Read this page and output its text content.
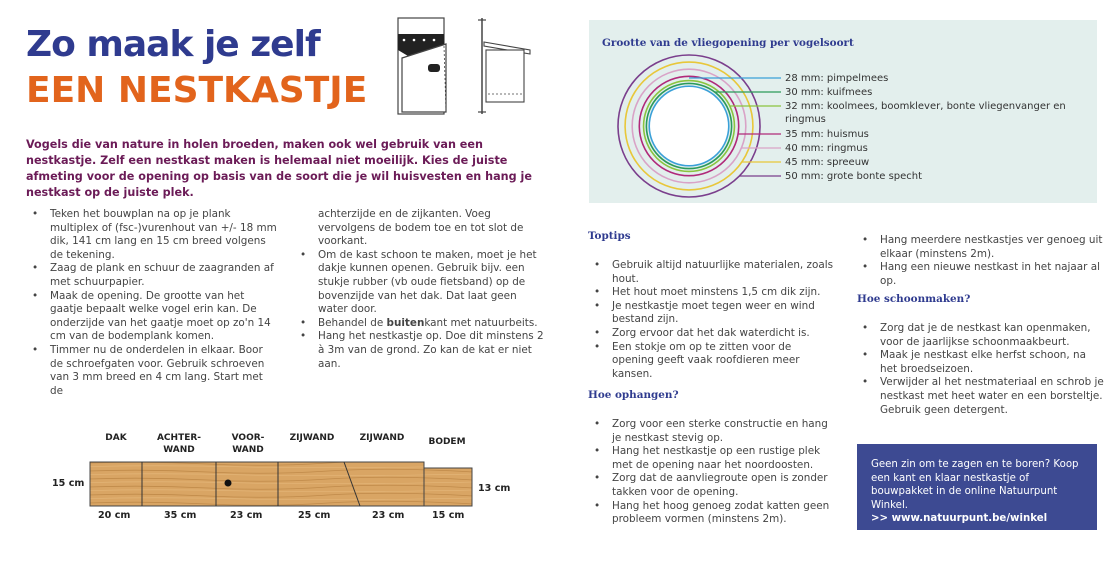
Zo maak je zelf
EEN NESTKASTJE
Vogels die van nature in holen broeden, maken ook wel gebruik van een nestkastje. Zelf een nestkast maken is helemaal niet moeilijk. Kies de juiste afmeting voor de opening op basis van de soort die je wil huisvesten en hang je nestkast op de juiste plek.
• Teken het bouwplan na op je plank multiplex of (fsc-)vurenhout van +/- 18 mm dik, 141 cm lang en 15 cm breed volgens de tekening.
• Zaag de plank en schuur de zaagranden af met schuurpapier.
• Maak de opening. De grootte van het gaatje bepaalt welke vogel erin kan. De onderzijde van het gaatje moet op zo'n 14 cm van de bodemplank komen.
• Timmer nu de onderdelen in elkaar. Boor de schroefgaten voor. Gebruik schroeven van 3 mm breed en 4 cm lang. Start met de
achterzijde en de zijkanten. Voeg vervolgens de bodem toe en tot slot de voorkant.
• Om de kast schoon te maken, moet je het dakje kunnen openen. Gebruik bijv. een stukje rubber (vb oude fietsband) op de bovenzijde van het dak. Dat laat geen water door.
• Behandel de buitenkant met natuurbeits.
• Hang het nestkastje op. Doe dit minstens 2 à 3m van de grond. Zo kan de kat er niet aan.
DAK	ACHTER-
WAND
VOOR-
WAND
ZIJWAND	ZIJWAND	BODEM
15 cm	13 cm
20 cm	35 cm	23 cm	25 cm	23 cm	15 cm
Grootte van de vliegopening per vogelsoort
28 mm: pimpelmees
30 mm: kuifmees
32 mm: koolmees, boomklever, bonte vliegenvanger en
ringmus
35 mm: huismus
40 mm: ringmus
45 mm: spreeuw
50 mm: grote bonte specht
Toptips
• Gebruik altijd natuurlijke materialen, zoals hout.
• Het hout moet minstens 1,5 cm dik zijn.
• Je nestkastje moet tegen weer en wind bestand zijn.
• Zorg ervoor dat het dak waterdicht is.
• Een stokje om op te zitten voor de opening geeft vaak roofdieren meer kansen.
Hoe ophangen?
• Zorg voor een sterke constructie en hang je nestkast stevig op.
• Hang het nestkastje op een rustige plek met de opening naar het noordoosten.
• Zorg dat de aanvliegroute open is zonder takken voor de opening.
• Hang het hoog genoeg zodat katten geen probleem vormen (minstens 2m).
• Hang meerdere nestkastjes ver genoeg uit elkaar (minstens 2m).
• Hang een nieuwe nestkast in het najaar al op.
Hoe schoonmaken?
• Zorg dat je de nestkast kan openmaken, voor de jaarlijkse schoonmaakbeurt.
• Maak je nestkast elke herfst schoon, na het broedseizoen.
• Verwijder al het nestmateriaal en schrob je nestkast met heet water en een borsteltje. Gebruik geen detergent.
Geen zin om te zagen en te boren? Koop een kant en klaar nestkastje of bouwpakket in de online Natuurpunt Winkel.
>> www.natuurpunt.be/winkel
